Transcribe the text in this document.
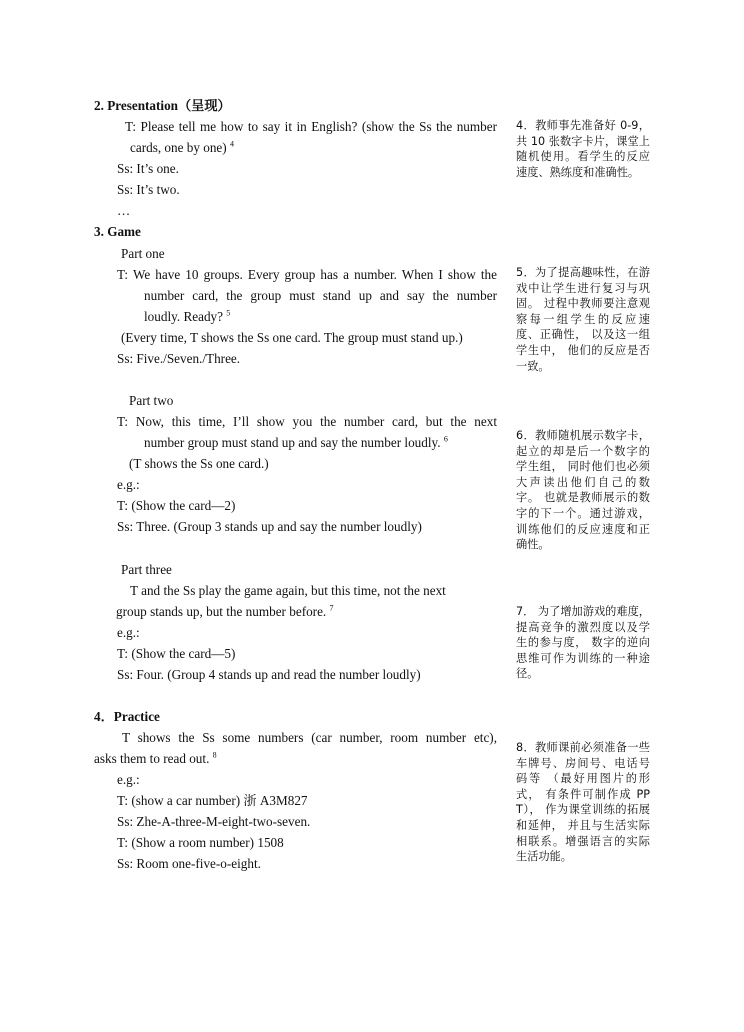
2. Presentation（呈现）
T: Please tell me how to say it in English? (show the Ss the number
cards, one by one) $^4$
Ss: It’s one.
Ss: It’s two.
…
3. Game
Part one
T: We have 10 groups. Every group has a number. When I show the
number card, the group must stand up and say the number
loudly. Ready? $^5$
(Every time, T shows the Ss one card. The group must stand up.)
Ss: Five./Seven./Three.
Part two
T: Now, this time, I’ll show you the number card, but the next
number group must stand up and say the number loudly. $^6$
(T shows the Ss one card.)
e.g.:
T: (Show the card—2)
Ss: Three. (Group 3 stands up and say the number loudly)
Part three
T and the Ss play the game again, but this time, not the next
group stands up, but the number before. $^7$
e.g.:
T: (Show the card—5)
Ss: Four. (Group 4 stands up and read the number loudly)
4．Practice
T shows the Ss some numbers (car number, room number etc),
asks them to read out. $^8$
e.g.:
T: (show a car number) 浙 A3M827
Ss: Zhe-A-three-M-eight-two-seven.
T: (Show a room number) 1508
Ss: Room one-five-o-eight.
4．教师事先准备好 0-9，共 10 张数字卡片，课堂上随机使用。看学生的反应速度、熟练度和准确性。
5．为了提高趣味性，在游戏中让学生进行复习与巩固。 过程中教师要注意观察每一组学生的反应速度、正确性， 以及这一组学生中， 他们的反应是否一致。
6．教师随机展示数字卡，起立的却是后一个数字的学生组， 同时他们也必须大声读出他们自己的数字。 也就是教师展示的数字的下一个。通过游戏，训练他们的反应速度和正确性。
7． 为了增加游戏的难度，提高竞争的激烈度以及学生的参与度， 数字的逆向思维可作为训练的一种途径。
8．教师课前必须准备一些车牌号、房间号、电话号码等 （最好用图片的形式， 有条件可制作成 PPT）， 作为课堂训练的拓展和延伸， 并且与生活实际相联系。增强语言的实际生活功能。
